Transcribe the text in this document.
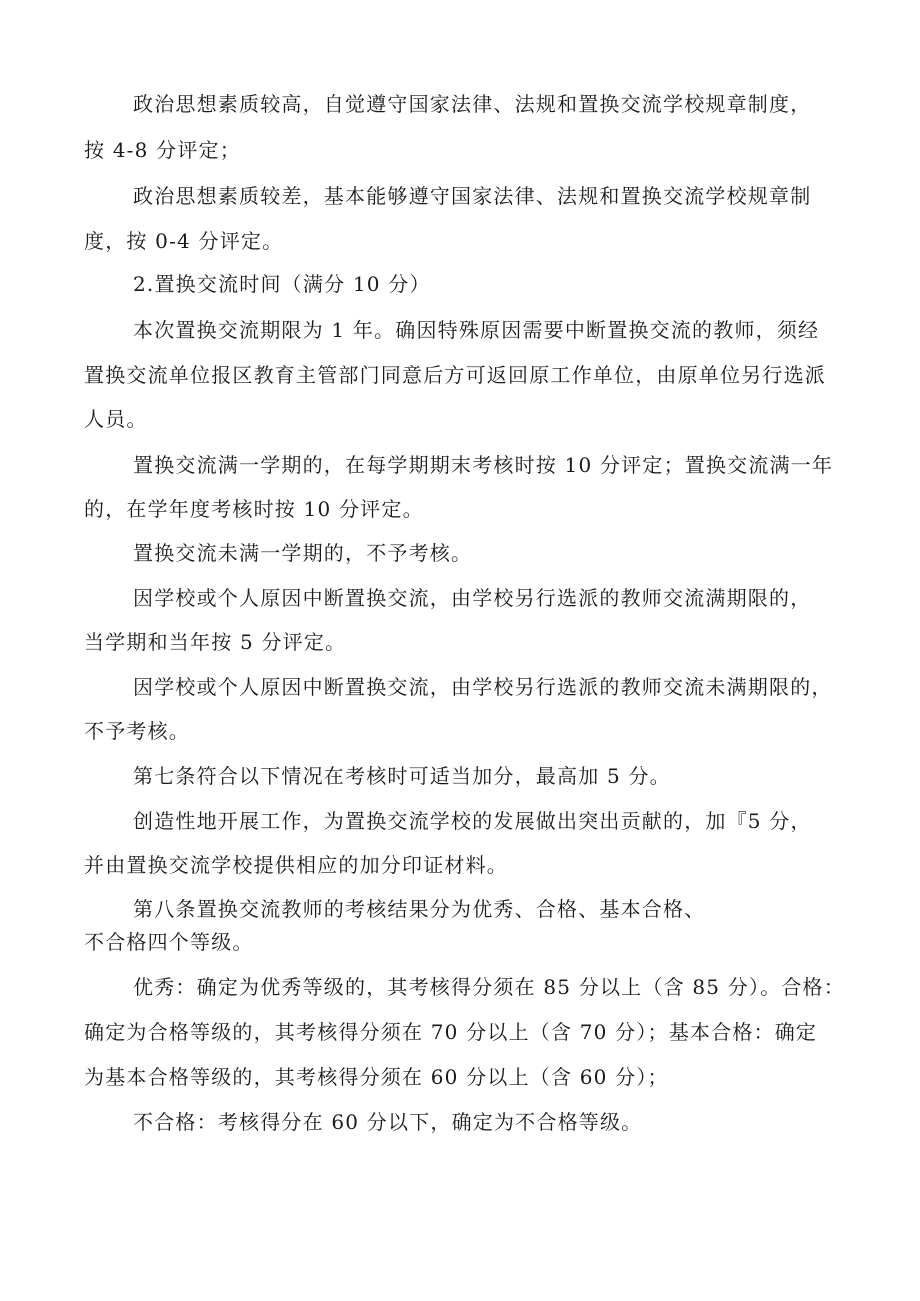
政治思想素质较高，自觉遵守国家法律、法规和置换交流学校规章制度，
按 4-8 分评定；
政治思想素质较差，基本能够遵守国家法律、法规和置换交流学校规章制
度，按 0-4 分评定。
2.置换交流时间（满分 10 分）
本次置换交流期限为 1 年。确因特殊原因需要中断置换交流的教师，须经
置换交流单位报区教育主管部门同意后方可返回原工作单位，由原单位另行选派
人员。
置换交流满一学期的，在每学期期末考核时按 10 分评定；置换交流满一年
的，在学年度考核时按 10 分评定。
置换交流未满一学期的，不予考核。
因学校或个人原因中断置换交流，由学校另行选派的教师交流满期限的，
当学期和当年按 5 分评定。
因学校或个人原因中断置换交流，由学校另行选派的教师交流未满期限的，
不予考核。
第七条符合以下情况在考核时可适当加分，最高加 5 分。
创造性地开展工作，为置换交流学校的发展做出突出贡献的，加『5 分，
并由置换交流学校提供相应的加分印证材料。
第八条置换交流教师的考核结果分为优秀、合格、基本合格、
不合格四个等级。
优秀：确定为优秀等级的，其考核得分须在 85 分以上（含 85 分）。合格：
确定为合格等级的，其考核得分须在 70 分以上（含 70 分）；基本合格：确定
为基本合格等级的，其考核得分须在 60 分以上（含 60 分）；
不合格：考核得分在 60 分以下，确定为不合格等级。
